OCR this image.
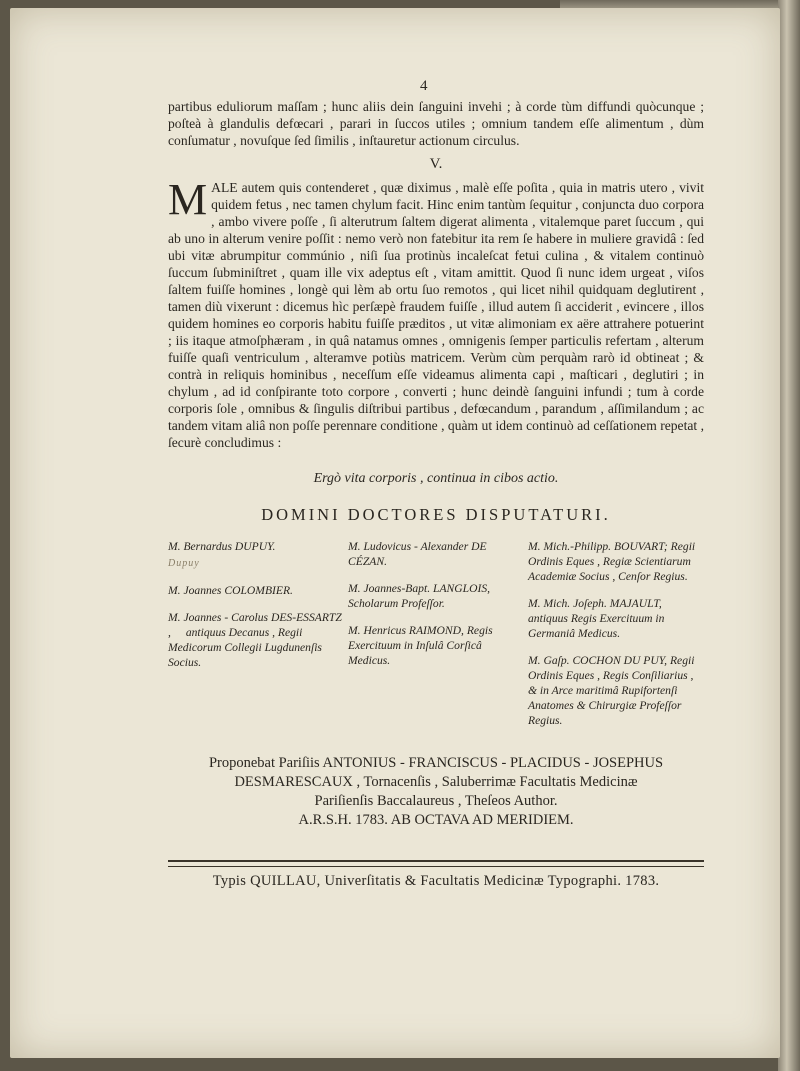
4

partibus eduliorum maſſam ; hunc aliis dein ſanguini invehi ; à corde tùm diffundi quòcunque ; poſteà à glandulis defœcari , parari in ſuccos utiles ; omnium tandem eſſe alimentum , dùm conſumatur , novuſque ſed ſimilis , inſtauretur actionum circulus.

V.

M ALE autem quis contenderet , quæ diximus , malè eſſe poſita , quia in matris utero , vivit quidem fetus , nec tamen chylum facit. Hinc enim tantùm ſequitur , conjuncta duo corpora , ambo vivere poſſe , ſi alterutrum ſaltem digerat alimenta , vitalemque paret ſuccum , qui ab uno in alterum venire poſſit : nemo verò non fatebitur ita rem ſe habere in muliere gravidâ : ſed ubi vitæ abrumpitur commúnio , niſi ſua protinùs incaleſcat fetui culina , & vitalem continuò ſuccum ſubminiſtret , quam ille vix adeptus eſt , vitam amittit. Quod ſi nunc idem urgeat , viſos ſaltem fuiſſe homines , longè qui lèm ab ortu ſuo remotos , qui licet nihil quidquam deglutirent , tamen diù vixerunt : dicemus hìc perſæpè fraudem fuiſſe , illud autem ſi acciderit , evincere , illos quidem homines eo corporis habitu fuiſſe præditos , ut vitæ alimoniam ex aëre attrahere potuerint ; iis itaque atmoſphæram , in quâ natamus omnes , omnigenis ſemper particulis refertam , alterum fuiſſe quaſi ventriculum , alteramve potiùs matricem. Verùm cùm perquàm rarò id obtineat ; & contrà in reliquis hominibus , neceſſum eſſe videamus alimenta capi , maſticari , deglutiri ; in chylum , ad id conſpirante toto corpore , converti ; hunc deindè ſanguini infundi ; tum à corde corporis ſole , omnibus & ſingulis diſtribui partibus , defœcandum , parandum , aſſimilandum ; ac tandem vitam aliâ non poſſe perennare conditione , quàm ut idem continuò ad ceſſationem repetat , ſecurè concludimus :

Ergò vita corporis , continua in cibos actio.
DOMINI DOCTORES DISPUTATURI.
M. Bernardus DUPUY.
Dupuy
M. Joannes COLOMBIER.
M. Joannes - Carolus DES-ESSARTZ , antiquus Decanus , Regii Medicorum Collegii Lugdunenſis Socius.
M. Ludovicus - Alexander DE CÉZAN.
M. Joannes-Bapt. LANGLOIS, Scholarum Profeſſor.
M. Henricus RAIMOND, Regis Exercituum in Inſulâ Corſicâ Medicus.
M. Mich.-Philipp. BOUVART; Regii Ordinis Eques , Regiæ Scientiarum Academiæ Socius , Cenſor Regius.
M. Mich. Joſeph. MAJAULT, antiquus Regis Exercituum in Germaniâ Medicus.
M. Gaſp. COCHON DU PUY, Regii Ordinis Eques , Regis Conſiliarius , & in Arce maritimâ Rupifortenſi Anatomes & Chirurgiæ Profeſſor Regius.
Proponebat Pariſiis ANTONIUS - FRANCISCUS - PLACIDUS - JOSEPHUS
DESMARESCAUX , Tornacenſis , Saluberrimæ Facultatis Medicinæ
Pariſienſis Baccalaureus , Theſeos Author.
A.R.S.H. 1783. AB OCTAVA AD MERIDIEM.
Typis QUILLAU, Univerſitatis & Facultatis Medicinæ Typographi. 1783.
